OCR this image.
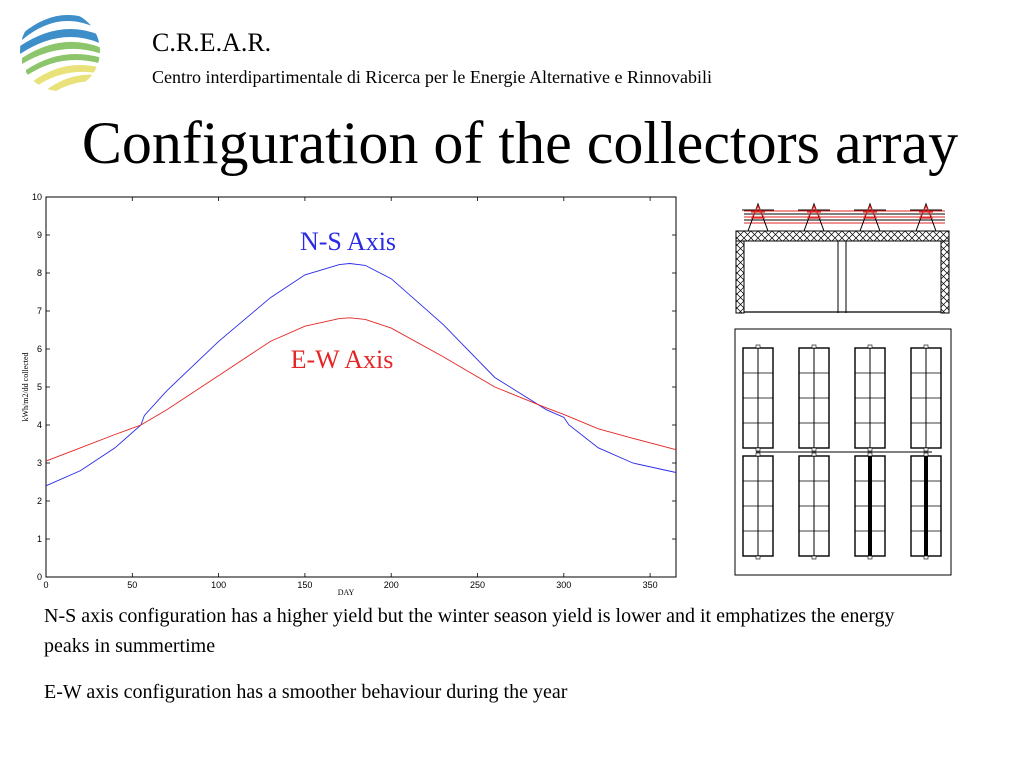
C.R.E.A.R.
Centro interdipartimentale di Ricerca per le Energie Alternative e Rinnovabili
Configuration of the collectors array
0	50	100	150	200	250	300	350
0
1
2
3
4
5
6
7
8
9
10
N-S Axis
E-W Axis
DAY
kWh/m2/dd collected
N-S axis configuration has a higher yield but the winter season yield is lower and it emphatizes the energy peaks in summertime
E-W axis configuration has a smoother behaviour during the year
